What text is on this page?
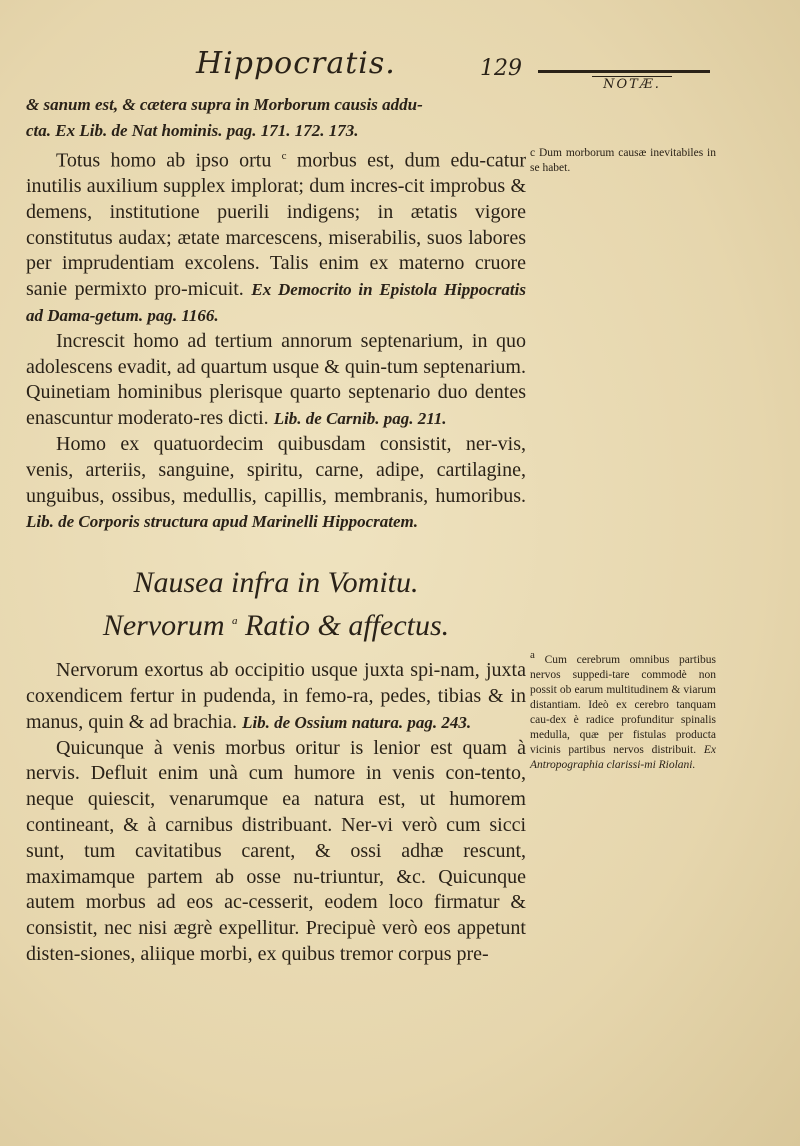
Hippocratis.	129
NOTÆ.

& sanum est, & cætera supra in Morborum causis addu-
cta. Ex Lib. de Nat hominis. pag. 171. 172. 173.

Totus homo ab ipso ortu $^c$ morbus est, dum edu-catur inutilis auxilium supplex implorat; dum incres-cit improbus & demens, institutione puerili indigens; in ætatis vigore constitutus audax; ætate marcescens, miserabilis, suos labores per imprudentiam excolens. Talis enim ex materno cruore sanie permixto pro-micuit. Ex Democrito in Epistola Hippocratis ad Dama-getum. pag. 1166.

Increscit homo ad tertium annorum septenarium, in quo adolescens evadit, ad quartum usque & quin-tum septenarium. Quinetiam hominibus plerisque quarto septenario duo dentes enascuntur moderato-res dicti. Lib. de Carnib. pag. 211.

Homo ex quatuordecim quibusdam consistit, ner-vis, venis, arteriis, sanguine, spiritu, carne, adipe, cartilagine, unguibus, ossibus, medullis, capillis, membranis, humoribus. Lib. de Corporis structura apud Marinelli Hippocratem.

Nausea infra in Vomitu.
Nervorum $^a$ Ratio & affectus.

Nervorum exortus ab occipitio usque juxta spi-nam, juxta coxendicem fertur in pudenda, in femo-ra, pedes, tibias & in manus, quin & ad brachia. Lib. de Ossium natura. pag. 243.

Quicunque à venis morbus oritur is lenior est quam à nervis. Defluit enim unà cum humore in venis con-tento, neque quiescit, venarumque ea natura est, ut humorem contineant, & à carnibus distribuant. Ner-vi verò cum sicci sunt, tum cavitatibus carent, & ossi adhæ rescunt, maximamque partem ab osse nu-triuntur, &c. Quicunque autem morbus ad eos ac-cesserit, eodem loco firmatur & consistit, nec nisi ægrè expellitur. Precipuè verò eos appetunt disten-siones, aliique morbi, ex quibus tremor corpus pre-

c Dum morborum causæ inevitabiles in se habet.

a Cum cerebrum omnibus partibus nervos suppedi-tare commodè non possit ob earum multitudinem & viarum distantiam. Ideò ex cerebro tanquam cau-dex è radice profunditur spinalis medulla, quæ per fistulas producta vicinis partibus nervos distribuit. Ex Antropographia clarissi-mi Riolani.
